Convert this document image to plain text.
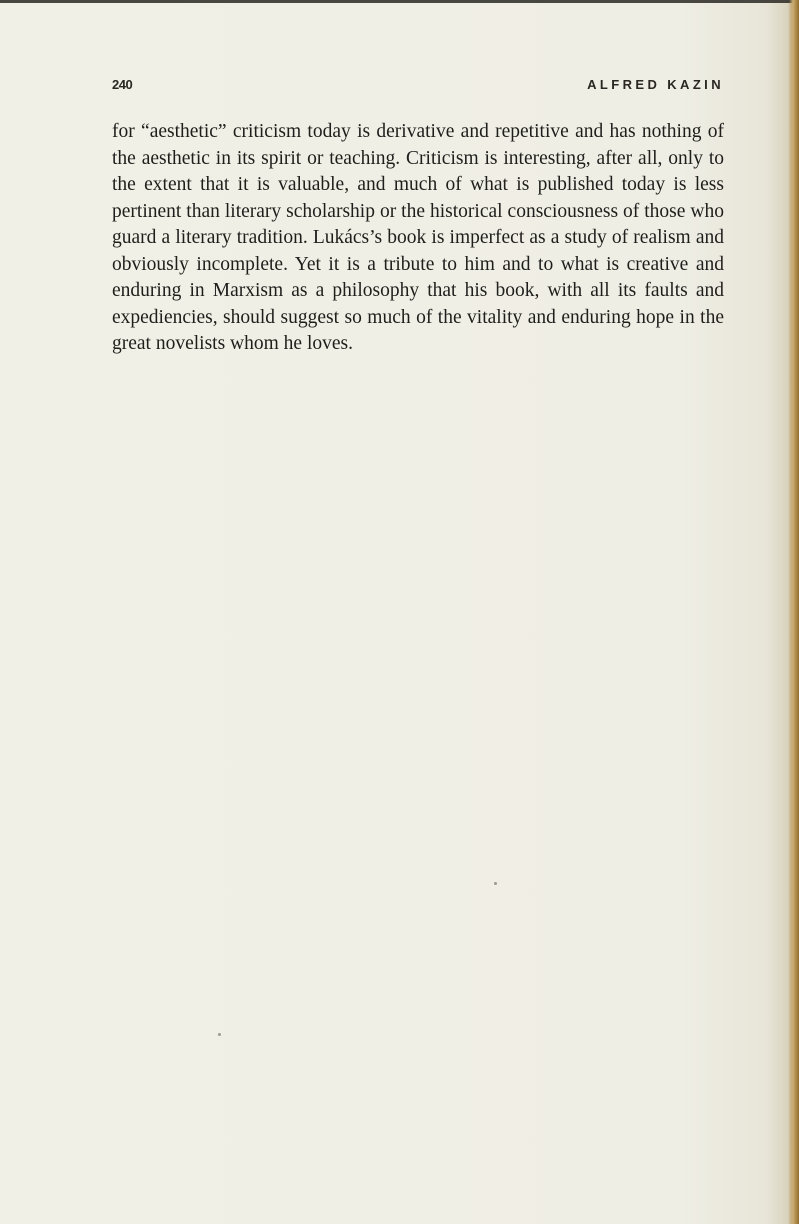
240	ALFRED KAZIN

for “aesthetic” criticism today is derivative and repetitive and has nothing of the aesthetic in its spirit or teaching. Criticism is interesting, after all, only to the extent that it is valuable, and much of what is published today is less pertinent than literary scholarship or the historical consciousness of those who guard a literary tradition. Lukács’s book is imperfect as a study of realism and obviously incomplete. Yet it is a tribute to him and to what is creative and enduring in Marxism as a philosophy that his book, with all its faults and expediencies, should suggest so much of the vitality and enduring hope in the great novelists whom he loves.
